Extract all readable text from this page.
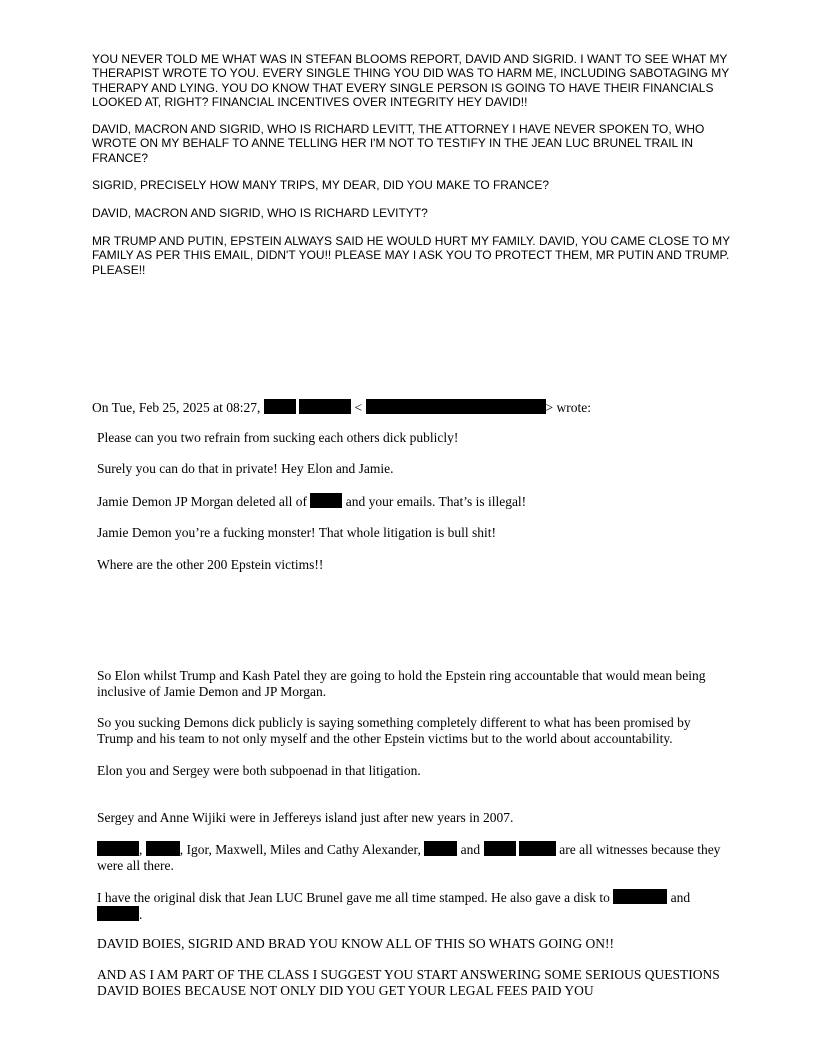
YOU NEVER TOLD ME WHAT WAS IN STEFAN BLOOMS REPORT, DAVID AND SIGRID. I WANT TO SEE WHAT MY THERAPIST WROTE TO YOU. EVERY SINGLE THING YOU DID WAS TO HARM ME, INCLUDING SABOTAGING MY THERAPY AND LYING. YOU DO KNOW THAT EVERY SINGLE PERSON IS GOING TO HAVE THEIR FINANCIALS LOOKED AT, RIGHT? FINANCIAL INCENTIVES OVER INTEGRITY HEY DAVID!!

DAVID, MACRON AND SIGRID, WHO IS RICHARD LEVITT, THE ATTORNEY I HAVE NEVER SPOKEN TO, WHO WROTE ON MY BEHALF TO ANNE TELLING HER I'M NOT TO TESTIFY IN THE JEAN LUC BRUNEL TRAIL IN FRANCE?

SIGRID, PRECISELY HOW MANY TRIPS, MY DEAR, DID YOU MAKE TO FRANCE?

DAVID, MACRON AND SIGRID, WHO IS RICHARD LEVITYT?

MR TRUMP AND PUTIN, EPSTEIN ALWAYS SAID HE WOULD HURT MY FAMILY. DAVID, YOU CAME CLOSE TO MY FAMILY AS PER THIS EMAIL, DIDN'T YOU!! PLEASE MAY I ASK YOU TO PROTECT THEM, MR PUTIN AND TRUMP. PLEASE!!

On Tue, Feb 25, 2025 at 08:27,	<	> wrote:

Please can you two refrain from sucking each others dick publicly!

Surely you can do that in private! Hey Elon and Jamie.

Jamie Demon JP Morgan deleted all of	and your emails. That’s is illegal!

Jamie Demon you’re a fucking monster! That whole litigation is bull shit!

Where are the other 200 Epstein victims!!

So Elon whilst Trump and Kash Patel they are going to hold the Epstein ring accountable that would mean being inclusive of Jamie Demon and JP Morgan.

So you sucking Demons dick publicly is saying something completely different to what has been promised by Trump and his team to not only myself and the other Epstein victims but to the world about accountability.

Elon you and Sergey were both subpoenad in that litigation.

Sergey and Anne Wijiki were in Jeffereys island just after new years in 2007.

,	, Igor, Maxwell, Miles and Cathy Alexander,	and	are all witnesses because they were all there.

I have the original disk that Jean LUC Brunel gave me all time stamped. He also gave a disk to	and .

DAVID BOIES, SIGRID AND BRAD YOU KNOW ALL OF THIS SO WHATS GOING ON!!

AND AS I AM PART OF THE CLASS I SUGGEST YOU START ANSWERING SOME SERIOUS QUESTIONS DAVID BOIES BECAUSE NOT ONLY DID YOU GET YOUR LEGAL FEES PAID YOU
